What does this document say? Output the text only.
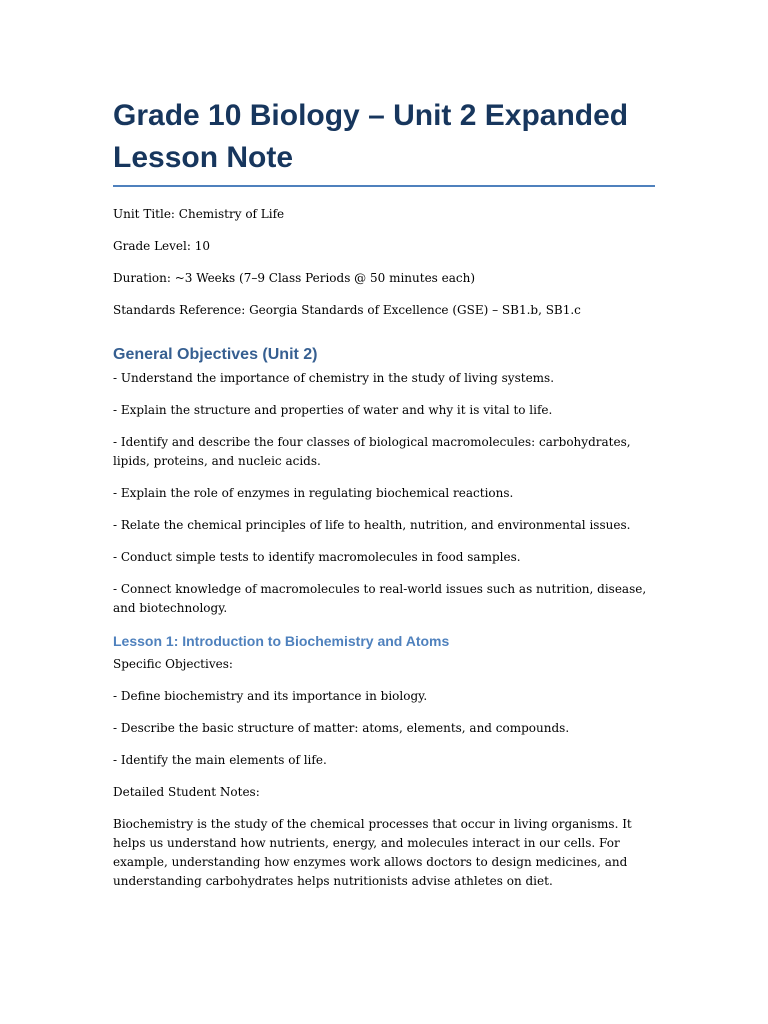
Grade 10 Biology – Unit 2 Expanded Lesson Note

Unit Title: Chemistry of Life

Grade Level: 10

Duration: ~3 Weeks (7–9 Class Periods @ 50 minutes each)

Standards Reference: Georgia Standards of Excellence (GSE) – SB1.b, SB1.c

General Objectives (Unit 2)

- Understand the importance of chemistry in the study of living systems.

- Explain the structure and properties of water and why it is vital to life.

- Identify and describe the four classes of biological macromolecules: carbohydrates, lipids, proteins, and nucleic acids.

- Explain the role of enzymes in regulating biochemical reactions.

- Relate the chemical principles of life to health, nutrition, and environmental issues.

- Conduct simple tests to identify macromolecules in food samples.

- Connect knowledge of macromolecules to real-world issues such as nutrition, disease, and biotechnology.

Lesson 1: Introduction to Biochemistry and Atoms

Specific Objectives:

- Define biochemistry and its importance in biology.

- Describe the basic structure of matter: atoms, elements, and compounds.

- Identify the main elements of life.

Detailed Student Notes:

Biochemistry is the study of the chemical processes that occur in living organisms. It helps us understand how nutrients, energy, and molecules interact in our cells. For example, understanding how enzymes work allows doctors to design medicines, and understanding carbohydrates helps nutritionists advise athletes on diet.
